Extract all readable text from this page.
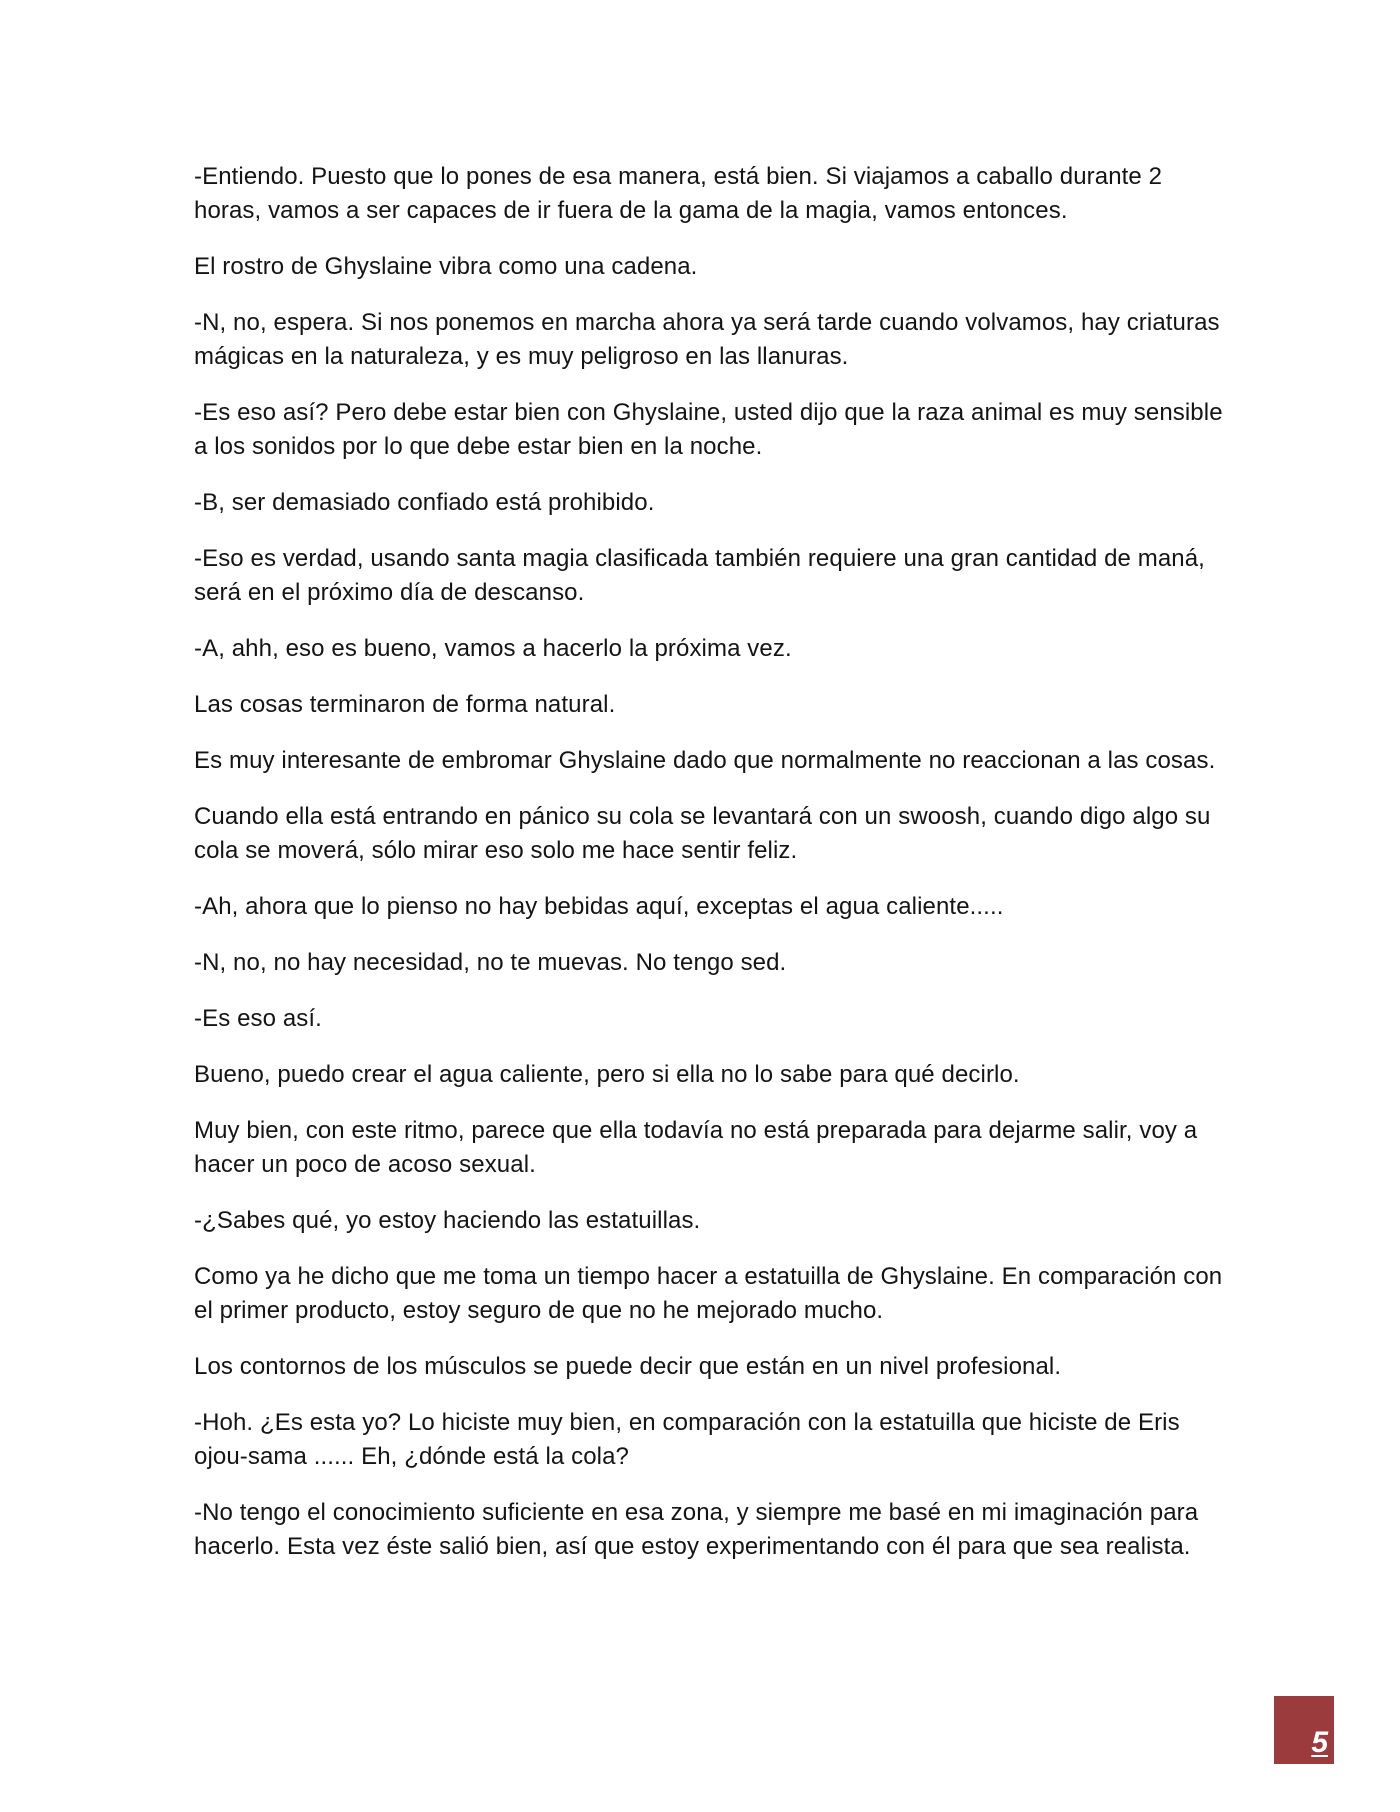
-Entiendo. Puesto que lo pones de esa manera, está bien. Si viajamos a caballo durante 2 horas, vamos a ser capaces de ir fuera de la gama de la magia, vamos entonces.

El rostro de Ghyslaine vibra como una cadena.

-N, no, espera. Si nos ponemos en marcha ahora ya será tarde cuando volvamos, hay criaturas mágicas en la naturaleza, y es muy peligroso en las llanuras.

-Es eso así? Pero debe estar bien con Ghyslaine, usted dijo que la raza animal es muy sensible a los sonidos por lo que debe estar bien en la noche.

-B, ser demasiado confiado está prohibido.

-Eso es verdad, usando santa magia clasificada también requiere una gran cantidad de maná, será en el próximo día de descanso.

-A, ahh, eso es bueno, vamos a hacerlo la próxima vez.

Las cosas terminaron de forma natural.

Es muy interesante de embromar Ghyslaine dado que normalmente no reaccionan a las cosas.

Cuando ella está entrando en pánico su cola se levantará con un swoosh, cuando digo algo su cola se moverá, sólo mirar eso solo me hace sentir feliz.

-Ah, ahora que lo pienso no hay bebidas aquí, exceptas el agua caliente.....

-N, no, no hay necesidad, no te muevas. No tengo sed.

-Es eso así.

Bueno, puedo crear el agua caliente, pero si ella no lo sabe para qué decirlo.

Muy bien, con este ritmo, parece que ella todavía no está preparada para dejarme salir, voy a hacer un poco de acoso sexual.

-¿Sabes qué, yo estoy haciendo las estatuillas.

Como ya he dicho que me toma un tiempo hacer a estatuilla de Ghyslaine. En comparación con el primer producto, estoy seguro de que no he mejorado mucho.

Los contornos de los músculos se puede decir que están en un nivel profesional.

-Hoh. ¿Es esta yo? Lo hiciste muy bien, en comparación con la estatuilla que hiciste de Eris ojou-sama ...... Eh, ¿dónde está la cola?

-No tengo el conocimiento suficiente en esa zona, y siempre me basé en mi imaginación para hacerlo. Esta vez éste salió bien, así que estoy experimentando con él para que sea realista.

5
